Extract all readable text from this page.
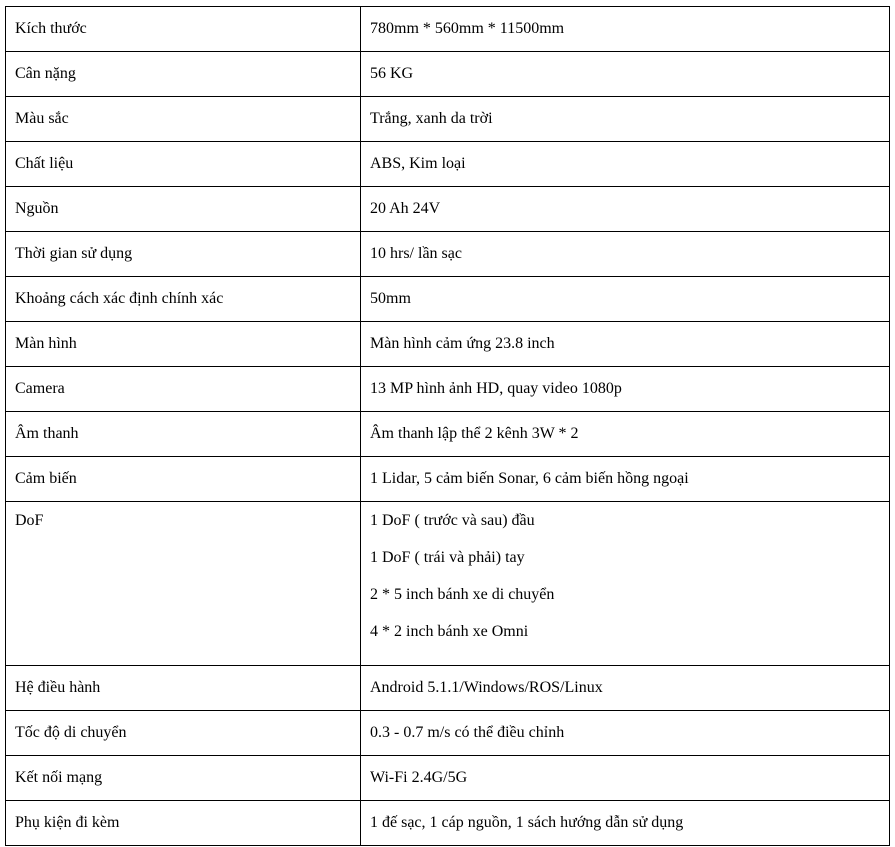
Kích thước	780mm * 560mm * 11500mm
Cân nặng	56 KG
Màu sắc	Trắng, xanh da trời
Chất liệu	ABS, Kim loại
Nguồn	20 Ah 24V
Thời gian sử dụng	10 hrs/ lần sạc
Khoảng cách xác định chính xác	50mm
Màn hình	Màn hình cảm ứng 23.8 inch
Camera	13 MP hình ảnh HD, quay video 1080p
Âm thanh	Âm thanh lập thể 2 kênh 3W * 2
Cảm biến	1 Lidar, 5 cảm biến Sonar, 6 cảm biến hồng ngoại
DoF	1 DoF ( trước và sau) đầu
1 DoF ( trái và phải) tay
2 * 5 inch bánh xe di chuyển
4 * 2 inch bánh xe Omni

Hệ điều hành	Android 5.1.1/Windows/ROS/Linux
Tốc độ di chuyển	0.3 - 0.7 m/s có thể điều chỉnh
Kết nối mạng	Wi-Fi 2.4G/5G
Phụ kiện đi kèm	1 đế sạc, 1 cáp nguồn, 1 sách hướng dẫn sử dụng
